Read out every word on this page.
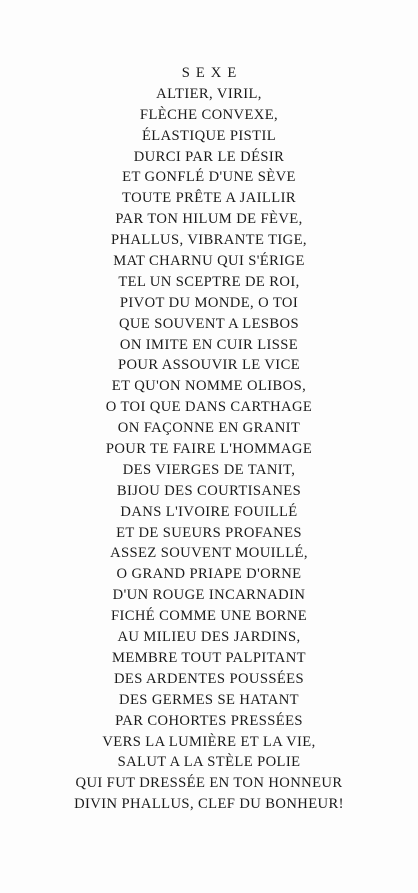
SEXE
ALTIER, VIRIL,
FLÈCHE CONVEXE,
ÉLASTIQUE PISTIL
DURCI PAR LE DÉSIR
ET GONFLÉ D'UNE SÈVE
TOUTE PRÊTE A JAILLIR
PAR TON HILUM DE FÈVE,
PHALLUS, VIBRANTE TIGE,
MAT CHARNU QUI S'ÉRIGE
TEL UN SCEPTRE DE ROI,
PIVOT DU MONDE, O TOI
QUE SOUVENT A LESBOS
ON IMITE EN CUIR LISSE
POUR ASSOUVIR LE VICE
ET QU'ON NOMME OLIBOS,
O TOI QUE DANS CARTHAGE
ON FAÇONNE EN GRANIT
POUR TE FAIRE L'HOMMAGE
DES VIERGES DE TANIT,
BIJOU DES COURTISANES
DANS L'IVOIRE FOUILLÉ
ET DE SUEURS PROFANES
ASSEZ SOUVENT MOUILLÉ,
O GRAND PRIAPE D'ORNE
D'UN ROUGE INCARNADIN
FICHÉ COMME UNE BORNE
AU MILIEU DES JARDINS,
MEMBRE TOUT PALPITANT
DES ARDENTES POUSSÉES
DES GERMES SE HATANT
PAR COHORTES PRESSÉES
VERS LA LUMIÈRE ET LA VIE,
SALUT A LA STÈLE POLIE
QUI FUT DRESSÉE EN TON HONNEUR
DIVIN PHALLUS, CLEF DU BONHEUR!
